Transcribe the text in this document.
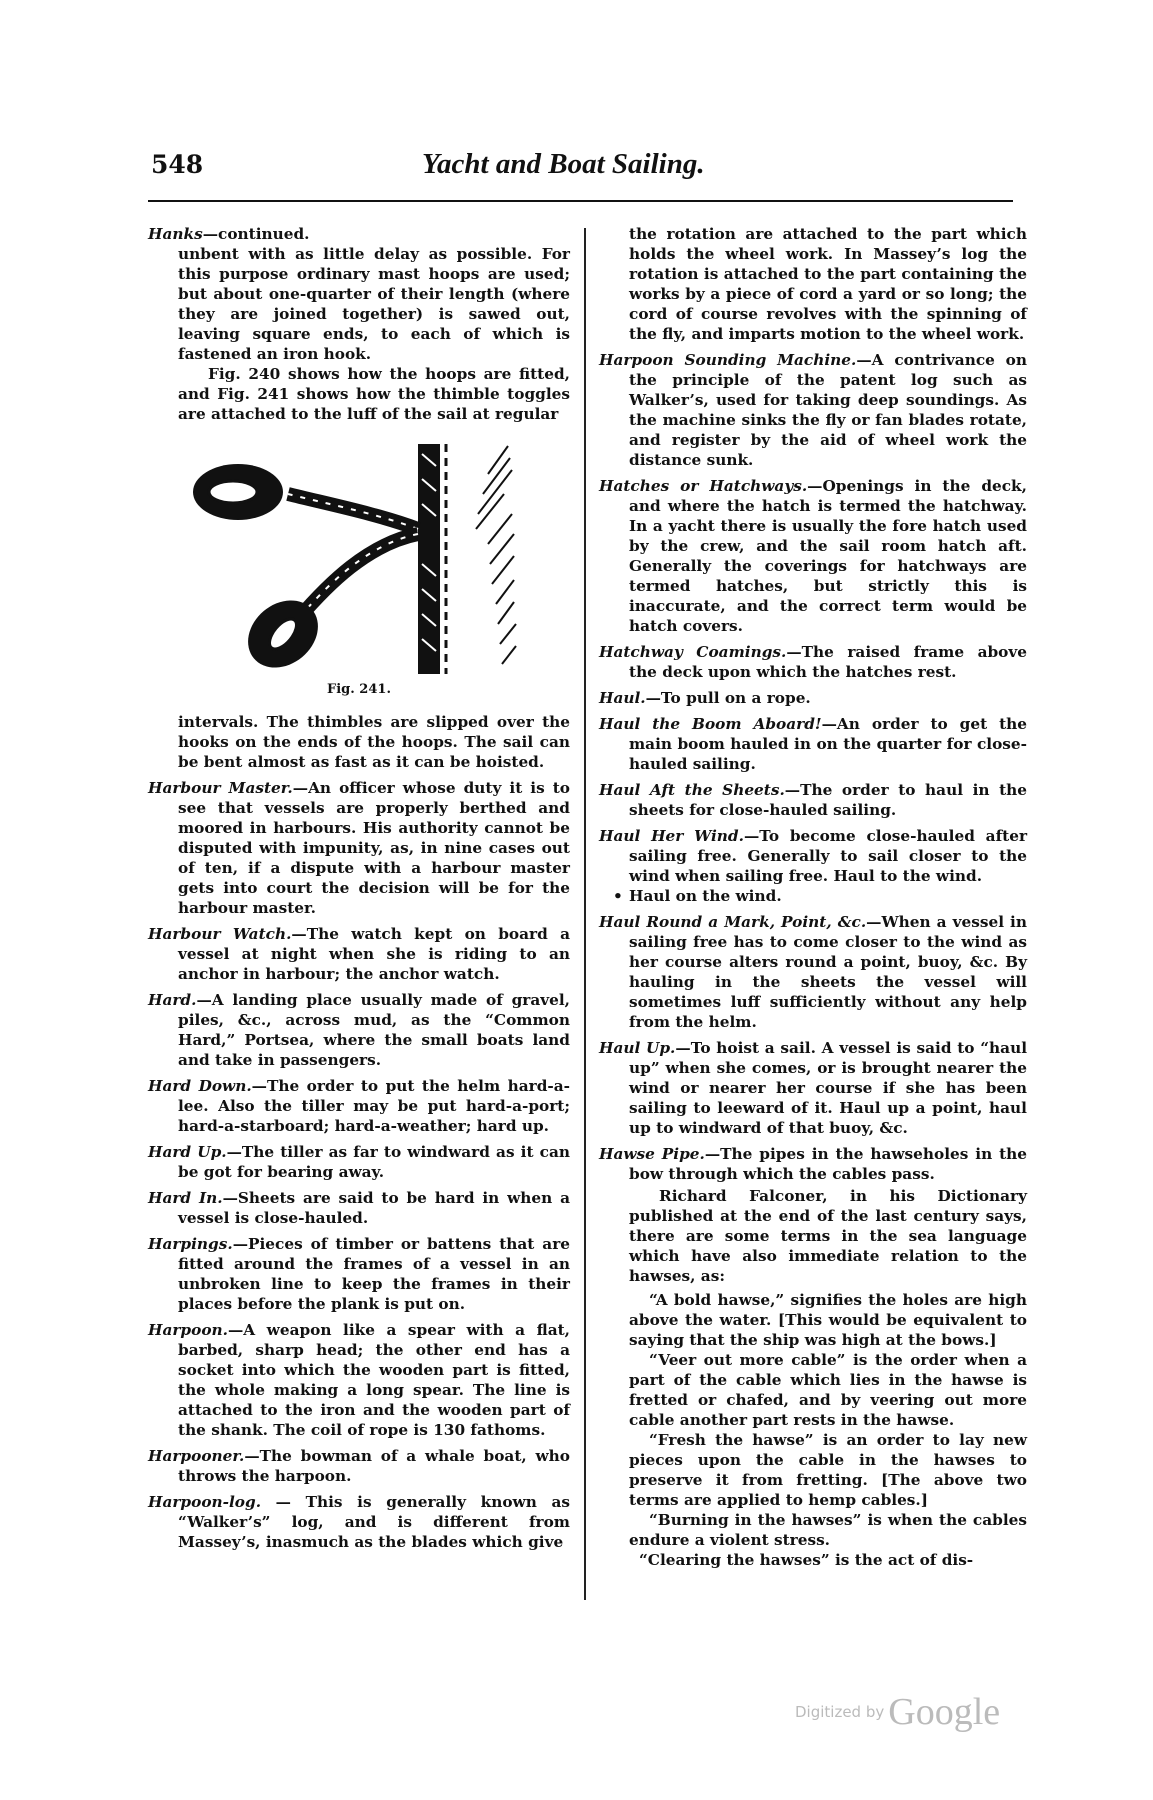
548	Yacht and Boat Sailing.

Hanks—continued.

unbent with as little delay as possible. For this purpose ordinary mast hoops are used; but about one-quarter of their length (where they are joined together) is sawed out, leaving square ends, to each of which is fastened an iron hook.

Fig. 240 shows how the hoops are fitted, and Fig. 241 shows how the thimble toggles are attached to the luff of the sail at regular

Fig. 241.

intervals. The thimbles are slipped over the hooks on the ends of the hoops. The sail can be bent almost as fast as it can be hoisted.

Harbour Master.—An officer whose duty it is to see that vessels are properly berthed and moored in harbours. His authority cannot be disputed with impunity, as, in nine cases out of ten, if a dispute with a harbour master gets into court the decision will be for the harbour master.

Harbour Watch.—The watch kept on board a vessel at night when she is riding to an anchor in harbour; the anchor watch.

Hard.—A landing place usually made of gravel, piles, &c., across mud, as the “Common Hard,” Portsea, where the small boats land and take in passengers.

Hard Down.—The order to put the helm hard-a-lee. Also the tiller may be put hard-a-port; hard-a-starboard; hard-a-weather; hard up.

Hard Up.—The tiller as far to windward as it can be got for bearing away.

Hard In.—Sheets are said to be hard in when a vessel is close-hauled.

Harpings.—Pieces of timber or battens that are fitted around the frames of a vessel in an unbroken line to keep the frames in their places before the plank is put on.

Harpoon.—A weapon like a spear with a flat, barbed, sharp head; the other end has a socket into which the wooden part is fitted, the whole making a long spear. The line is attached to the iron and the wooden part of the shank. The coil of rope is 130 fathoms.

Harpooner.—The bowman of a whale boat, who throws the harpoon.

Harpoon-log. — This is generally known as “Walker’s” log, and is different from Massey’s, inasmuch as the blades which give

the rotation are attached to the part which holds the wheel work. In Massey’s log the rotation is attached to the part containing the works by a piece of cord a yard or so long; the cord of course revolves with the spinning of the fly, and imparts motion to the wheel work.

Harpoon Sounding Machine.—A contrivance on the principle of the patent log such as Walker’s, used for taking deep soundings. As the machine sinks the fly or fan blades rotate, and register by the aid of wheel work the distance sunk.

Hatches or Hatchways.—Openings in the deck, and where the hatch is termed the hatchway. In a yacht there is usually the fore hatch used by the crew, and the sail room hatch aft. Generally the coverings for hatchways are termed hatches, but strictly this is inaccurate, and the correct term would be hatch covers.

Hatchway Coamings.—The raised frame above the deck upon which the hatches rest.

Haul.—To pull on a rope.

Haul the Boom Aboard!—An order to get the main boom hauled in on the quarter for close-hauled sailing.

Haul Aft the Sheets.—The order to haul in the sheets for close-hauled sailing.

Haul Her Wind.—To become close-hauled after sailing free. Generally to sail closer to the wind when sailing free. Haul to the wind.
• Haul on the wind.

Haul Round a Mark, Point, &c.—When a vessel in sailing free has to come closer to the wind as her course alters round a point, buoy, &c. By hauling in the sheets the vessel will sometimes luff sufficiently without any help from the helm.

Haul Up.—To hoist a sail. A vessel is said to “haul up” when she comes, or is brought nearer the wind or nearer her course if she has been sailing to leeward of it. Haul up a point, haul up to windward of that buoy, &c.

Hawse Pipe.—The pipes in the hawseholes in the bow through which the cables pass.

Richard Falconer, in his Dictionary published at the end of the last century says, there are some terms in the sea language which have also immediate relation to the hawses, as:

“A bold hawse,” signifies the holes are high above the water. [This would be equivalent to saying that the ship was high at the bows.]

“Veer out more cable” is the order when a part of the cable which lies in the hawse is fretted or chafed, and by veering out more cable another part rests in the hawse.

“Fresh the hawse” is an order to lay new pieces upon the cable in the hawses to preserve it from fretting. [The above two terms are applied to hemp cables.]

“Burning in the hawses” is when the cables endure a violent stress.

“Clearing the hawses” is the act of dis-

Digitized by Google
